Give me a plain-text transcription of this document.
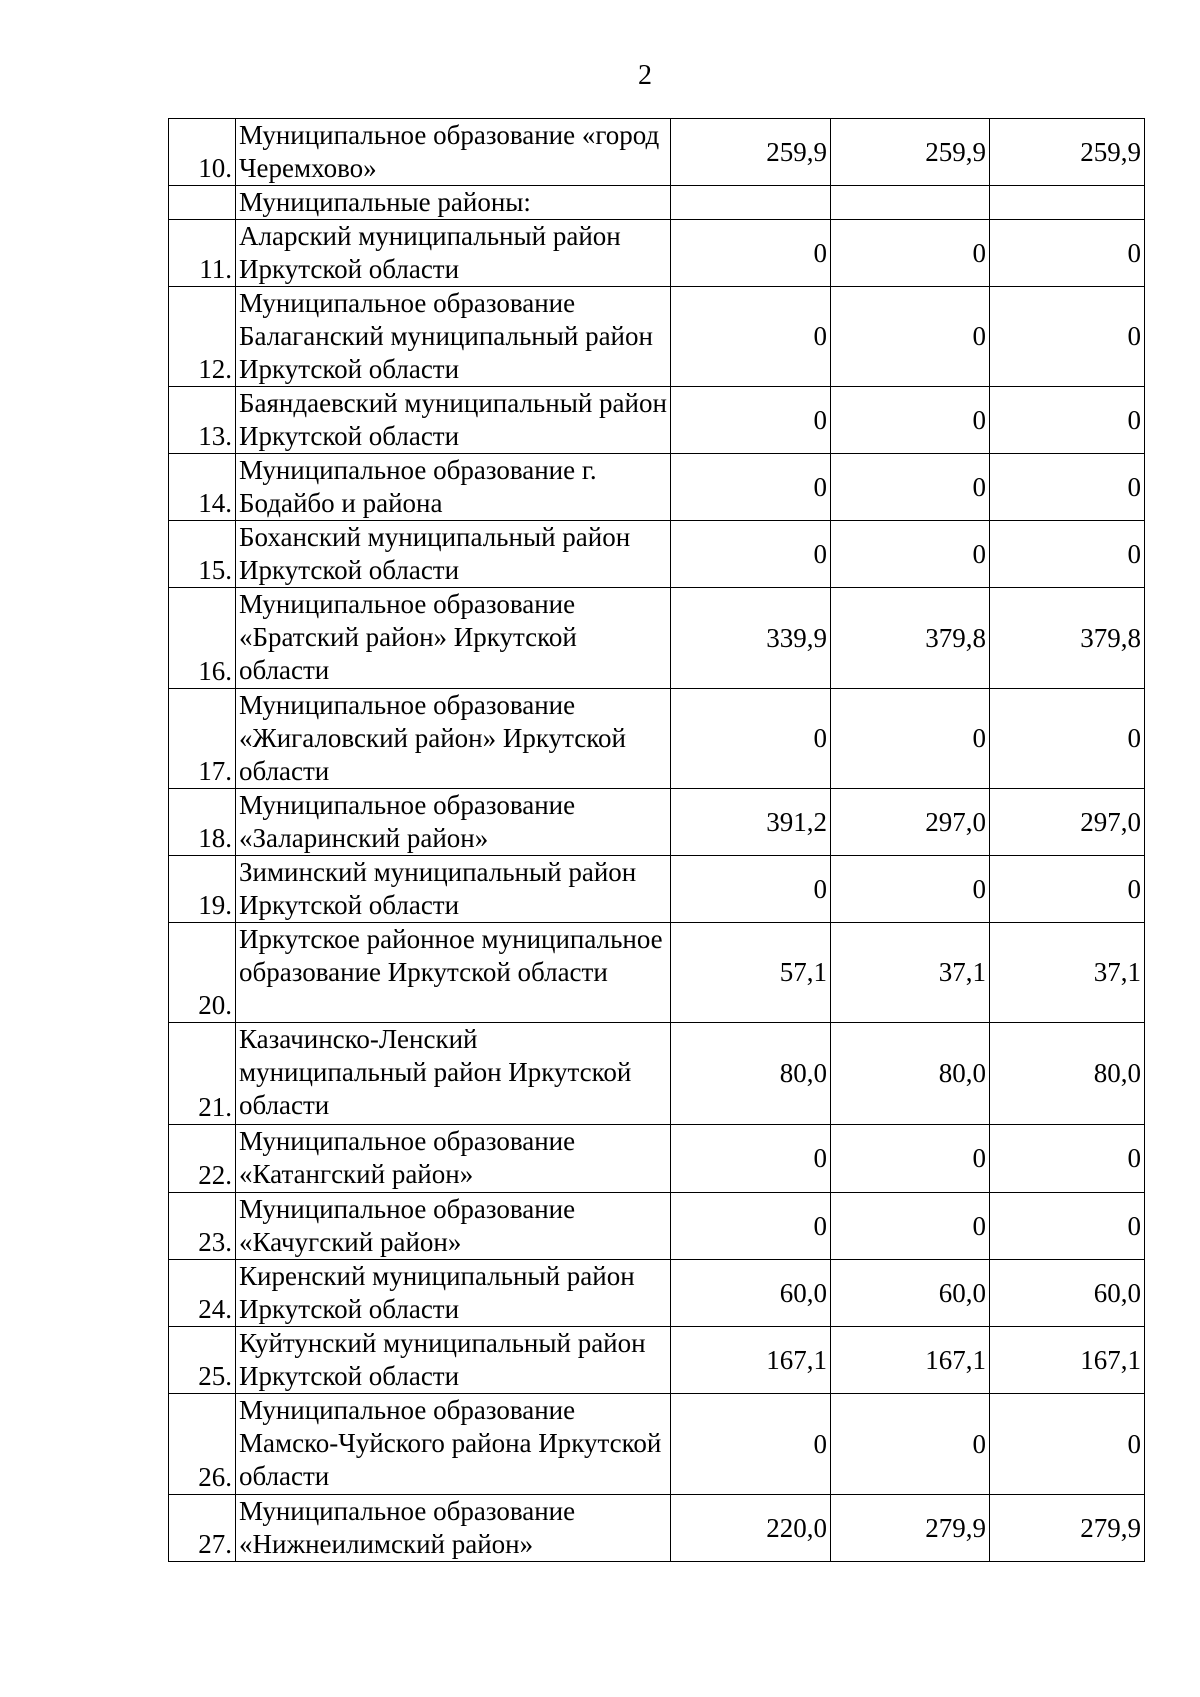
2
10.	Муниципальное образование «город Черемхово»	259,9	259,9	259,9
	Муниципальные районы:			
11.	Аларский муниципальный район Иркутской области	0	0	0
12.	Муниципальное образование Балаганский муниципальный район Иркутской области	0	0	0
13.	Баяндаевский муниципальный район Иркутской области	0	0	0
14.	Муниципальное образование г. Бодайбо и района	0	0	0
15.	Боханский муниципальный район Иркутской области	0	0	0
16.	Муниципальное образование «Братский район» Иркутской области	339,9	379,8	379,8
17.	Муниципальное образование «Жигаловский район» Иркутской области	0	0	0
18.	Муниципальное образование «Заларинский район»	391,2	297,0	297,0
19.	Зиминский муниципальный район Иркутской области	0	0	0
20.	Иркутское районное муниципальное образование Иркутской области	57,1	37,1	37,1
21.	Казачинско-Ленский муниципальный район Иркутской области	80,0	80,0	80,0
22.	Муниципальное образование «Катангский район»	0	0	0
23.	Муниципальное образование «Качугский район»	0	0	0
24.	Киренский муниципальный район Иркутской области	60,0	60,0	60,0
25.	Куйтунский муниципальный район Иркутской области	167,1	167,1	167,1
26.	Муниципальное образование Мамско-Чуйского района Иркутской области	0	0	0
27.	Муниципальное образование «Нижнеилимский район»	220,0	279,9	279,9
